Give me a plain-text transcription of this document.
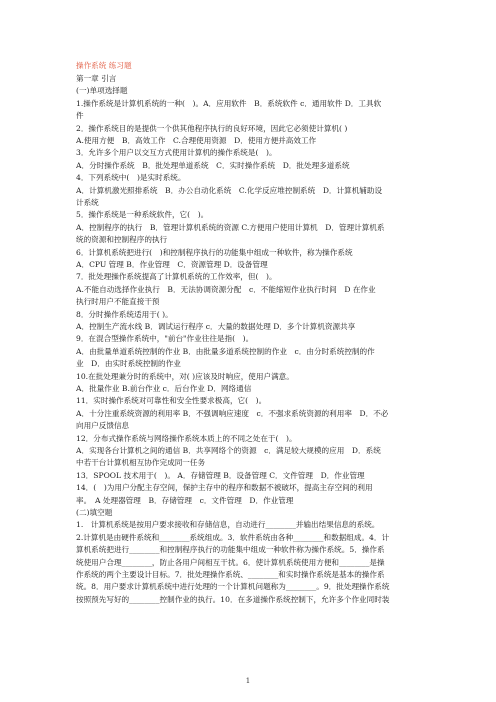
操作系统 练习题
第一章 引言
(一)单项选择题
1.操作系统是计算机系统的一种(　)。A．应用软件　B．系统软件 c．通用软件 D．工具软
件
2．操作系统目的是提供一个供其他程序执行的良好环境，因此它必须使计算机( )
A.使用方便　B．高效工作　C.合理使用资源　D．使用方便并高效工作
3．允许多个用户以交互方式使用计算机的操作系统是(　)。
A．分时操作系统　B．批处理单道系统　C．实时操作系统　D．批处理多道系统
4．下列系统中(　)是实时系统。
A．计算机激光照排系统　B．办公自动化系统　C.化学反应堆控制系统　D．计算机辅助设
计系统
5．操作系统是一种系统软件，它(　)。
A．控制程序的执行　B．管理计算机系统的资源 C.方便用户使用计算机　D．管理计算机系
统的资源和控制程序的执行
6．计算机系统把进行(　)和控制程序执行的功能集中组成一种软件，称为操作系统
A．CPU 管理 B．作业管理　C．资源管理 D．设备管理
7．批处理操作系统提高了计算机系统的工作效率，但(　)。
A.不能自动选择作业执行　B．无法协调资源分配　c．不能缩短作业执行时间　D 在作业
执行时用户不能直接干预
8．分时操作系统适用于( )。
A．控制生产流水线 B．调试运行程序 c．大量的数据处理 D．多个计算机资源共享
9．在混合型操作系统中，"前台"作业往往是指(　)。
A．由批量单道系统控制的作业 B．由批量多道系统控制的作业　c．由分时系统控制的作
业　D．由实时系统控制的作业
10.在批处理兼分时的系统中，对( )应该及时响应，使用户满意。
A．批量作业 B.前台作业 c．后台作业 D．网络通信
11．实时操作系统对可靠性和安全性要求极高，它(　)。
A．十分注重系统资源的利用率 B．不强调响应速度　c．不强求系统资源的利用率　D．不必
向用户反馈信息
12．分布式操作系统与网络操作系统本质上的不同之处在于(　)。
A．实现各台计算机之间的通信 B．共享网络个的资源　c．满足较大规模的应用　D．系统
中若干台计算机相互协作完成同一任务
13．SPOOL 技术用于(　)。 A．存储管理 B．设备管理 C．文件管理　D．作业管理
14．(　)为用户分配主存空间，保护主存中的程序和数据不被破坏，提高主存空间的利用
率。　A 处理器管理　B．存储管理　c．文件管理　D．作业管理
(二)填空题
1.　计算机系统是按用户要求接收和存储信息，自动进行________并输出结果信息的系统。
2.计算机是由硬件系统和________系统组成。3．软件系统由各种________和数据组成。4．计
算机系统把进行________和控制程序执行的功能集中组成一种软件称为操作系统。5．操作系
统使用户合理________，防止各用户间相互干扰。6．使计算机系统使用方便和________是操
作系统的两个主要设计目标。7．批处理操作系统、________和实时操作系统是基本的操作系
统。8．用户要求计算机系统中进行处理的一个计算机问题称为________。9．批处理操作系统
按照预先写好的________控制作业的执行。10．在多道操作系统控制下，允许多个作业同时装
1
